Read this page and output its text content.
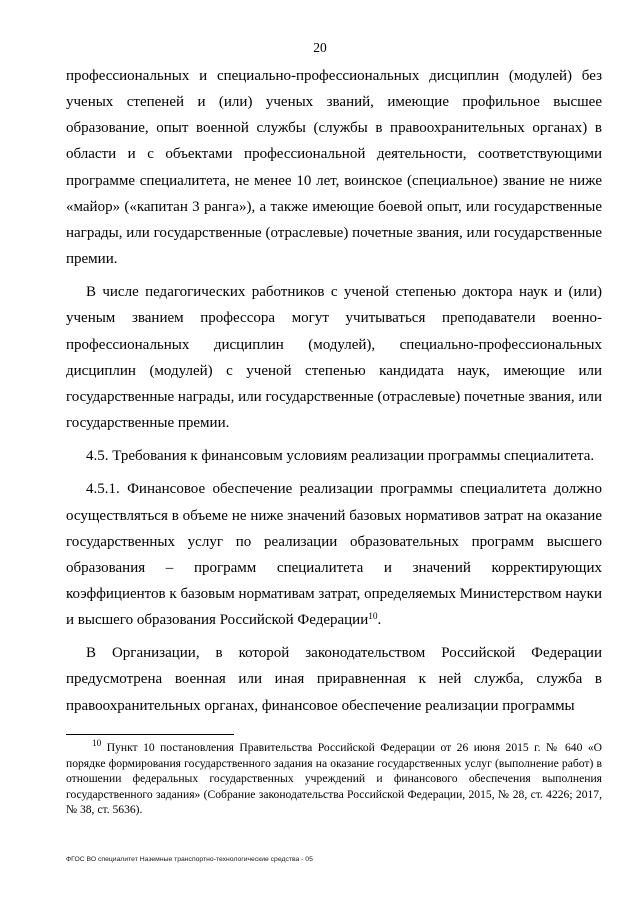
20

профессиональных и специально-профессиональных дисциплин (модулей) без ученых степеней и (или) ученых званий, имеющие профильное высшее образование, опыт военной службы (службы в правоохранительных органах) в области и с объектами профессиональной деятельности, соответствующими программе специалитета, не менее 10 лет, воинское (специальное) звание не ниже «майор» («капитан 3 ранга»), а также имеющие боевой опыт, или государственные награды, или государственные (отраслевые) почетные звания, или государственные премии.

В числе педагогических работников с ученой степенью доктора наук и (или) ученым званием профессора могут учитываться преподаватели военно-профессиональных дисциплин (модулей), специально-профессиональных дисциплин (модулей) с ученой степенью кандидата наук, имеющие или государственные награды, или государственные (отраслевые) почетные звания, или государственные премии.

4.5. Требования к финансовым условиям реализации программы специалитета.

4.5.1. Финансовое обеспечение реализации программы специалитета должно осуществляться в объеме не ниже значений базовых нормативов затрат на оказание государственных услуг по реализации образовательных программ высшего образования – программ специалитета и значений корректирующих коэффициентов к базовым нормативам затрат, определяемых Министерством науки и высшего образования Российской Федерации$^{10}$.

В Организации, в которой законодательством Российской Федерации предусмотрена военная или иная приравненная к ней служба, служба в правоохранительных органах, финансовое обеспечение реализации программы

$^{10}$ Пункт 10 постановления Правительства Российской Федерации от 26 июня 2015 г. № 640 «О порядке формирования государственного задания на оказание государственных услуг (выполнение работ) в отношении федеральных государственных учреждений и финансового обеспечения выполнения государственного задания» (Собрание законодательства Российской Федерации, 2015, № 28, ст. 4226; 2017, № 38, ст. 5636).

ФГОС ВО специалитет Наземные транспортно-технологические средства - 05
